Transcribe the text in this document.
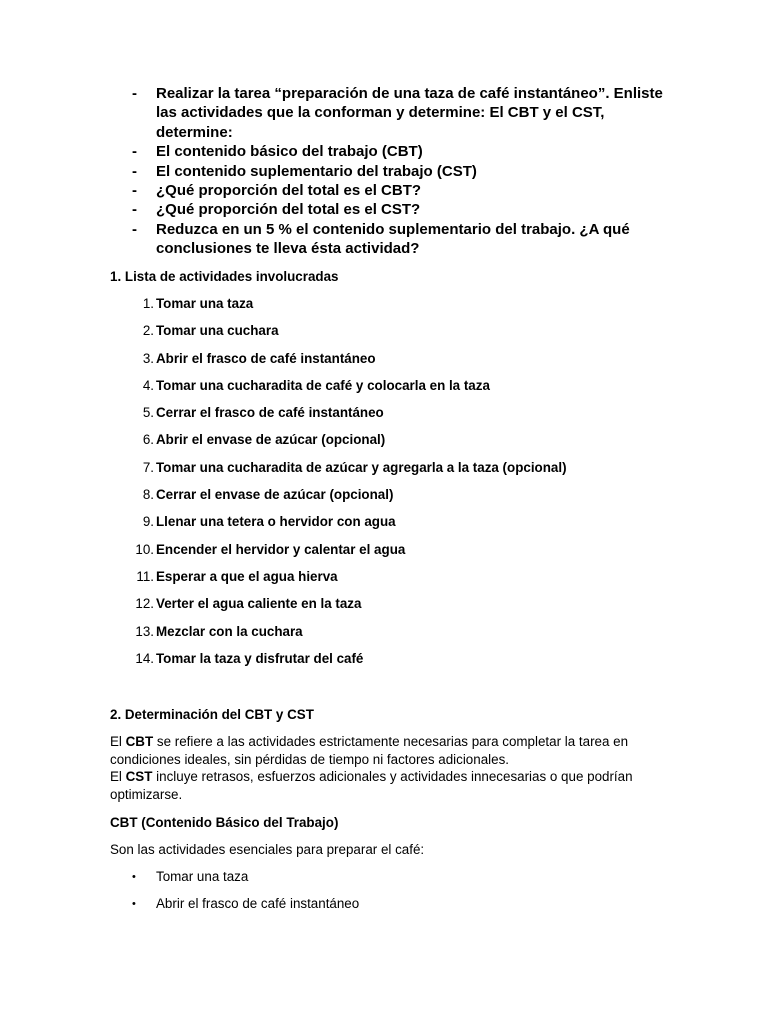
-	Realizar la tarea “preparación de una taza de café instantáneo”. Enliste las actividades que la conforman y determine: El CBT y el CST, determine:
-	El contenido básico del trabajo (CBT)
-	El contenido suplementario del trabajo (CST)
-	¿Qué proporción del total es el CBT?
-	¿Qué proporción del total es el CST?
-	Reduzca en un 5 % el contenido suplementario del trabajo. ¿A qué conclusiones te lleva ésta actividad?
1. Lista de actividades involucradas
1. Tomar una taza
2. Tomar una cuchara
3. Abrir el frasco de café instantáneo
4. Tomar una cucharadita de café y colocarla en la taza
5. Cerrar el frasco de café instantáneo
6. Abrir el envase de azúcar (opcional)
7. Tomar una cucharadita de azúcar y agregarla a la taza (opcional)
8. Cerrar el envase de azúcar (opcional)
9. Llenar una tetera o hervidor con agua
10. Encender el hervidor y calentar el agua
11. Esperar a que el agua hierva
12. Verter el agua caliente en la taza
13. Mezclar con la cuchara
14. Tomar la taza y disfrutar del café
2. Determinación del CBT y CST

El CBT se refiere a las actividades estrictamente necesarias para completar la tarea en condiciones ideales, sin pérdidas de tiempo ni factores adicionales.

El CST incluye retrasos, esfuerzos adicionales y actividades innecesarias o que podrían optimizarse.

CBT (Contenido Básico del Trabajo)

Son las actividades esenciales para preparar el café:

• Tomar una taza
• Abrir el frasco de café instantáneo
